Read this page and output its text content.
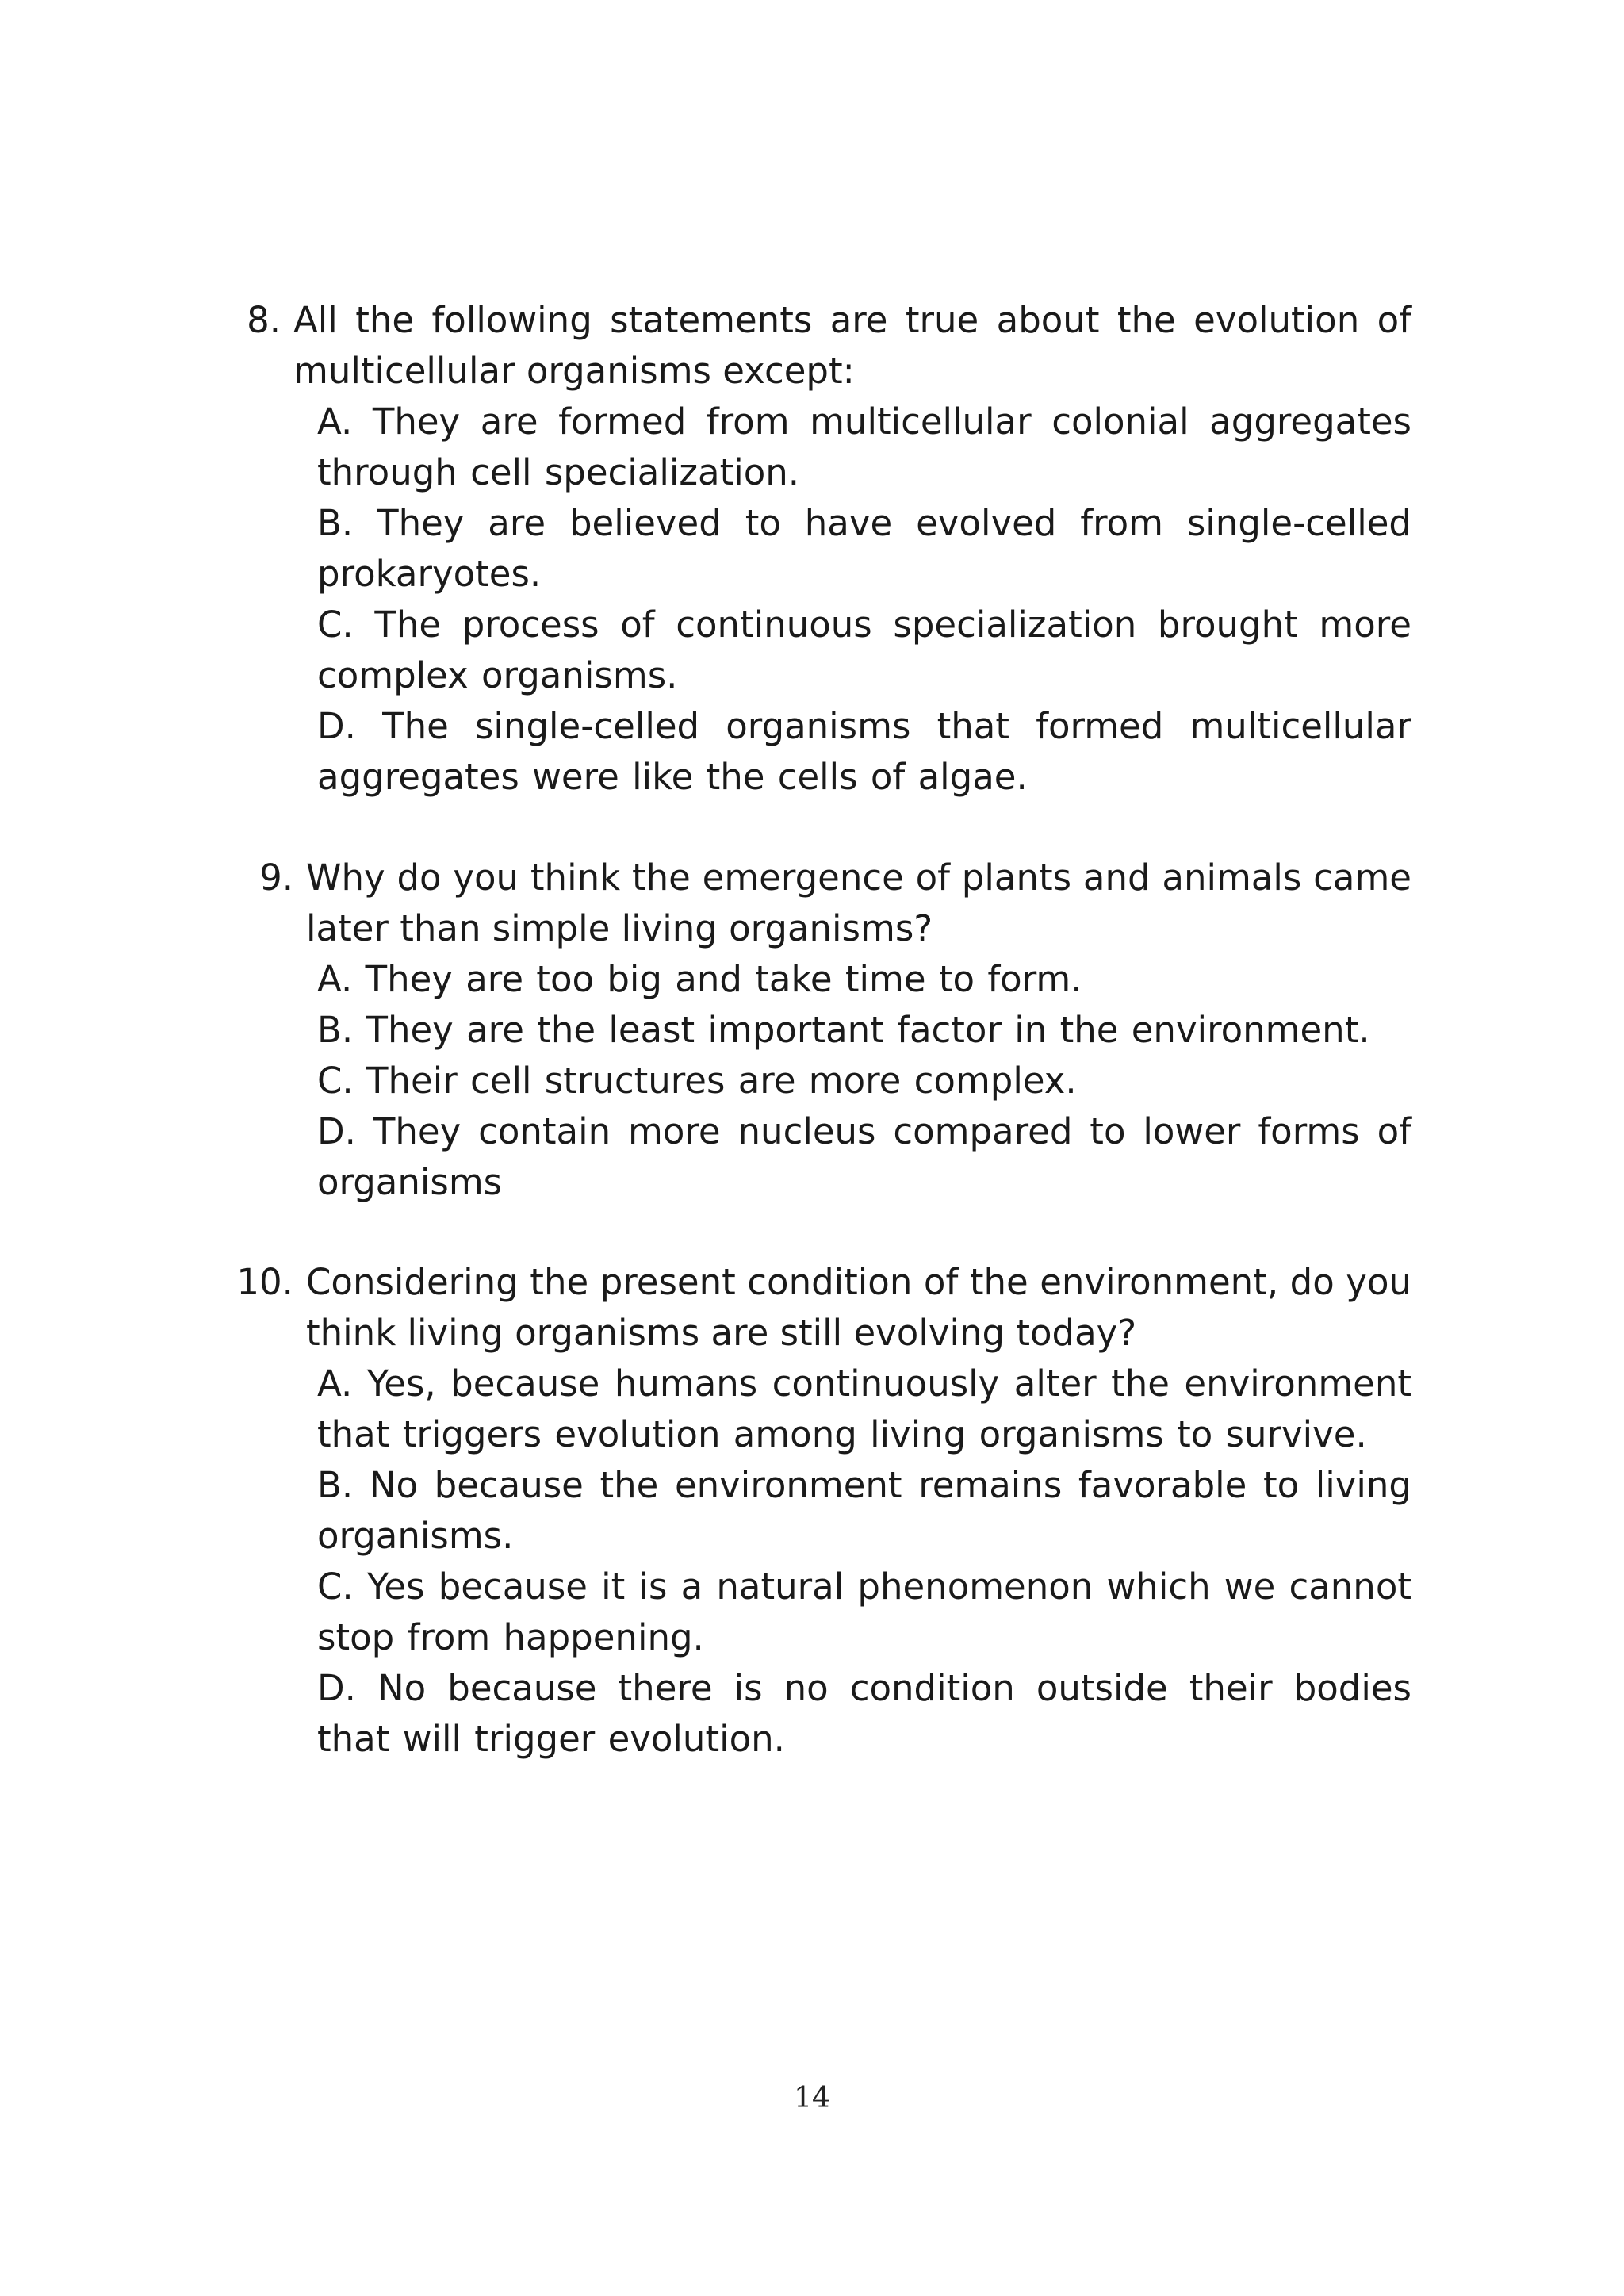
8. All the following statements are true about the evolution of multicellular organisms except:
A. They are formed from multicellular colonial aggregates through cell specialization.
B. They are believed to have evolved from single-celled prokaryotes.
C. The process of continuous specialization brought more complex organisms.
D. The single-celled organisms that formed multicellular aggregates were like the cells of algae.
9. Why do you think the emergence of plants and animals came later than simple living organisms?
A. They are too big and take time to form.
B. They are the least important factor in the environment.
C. Their cell structures are more complex.
D. They contain more nucleus compared to lower forms of organisms
10. Considering the present condition of the environment, do you think living organisms are still evolving today?
A. Yes, because humans continuously alter the environment that triggers evolution among living organisms to survive.
B. No because the environment remains favorable to living organisms.
C. Yes because it is a natural phenomenon which we cannot stop from happening.
D. No because there is no condition outside their bodies that will trigger evolution.
14
